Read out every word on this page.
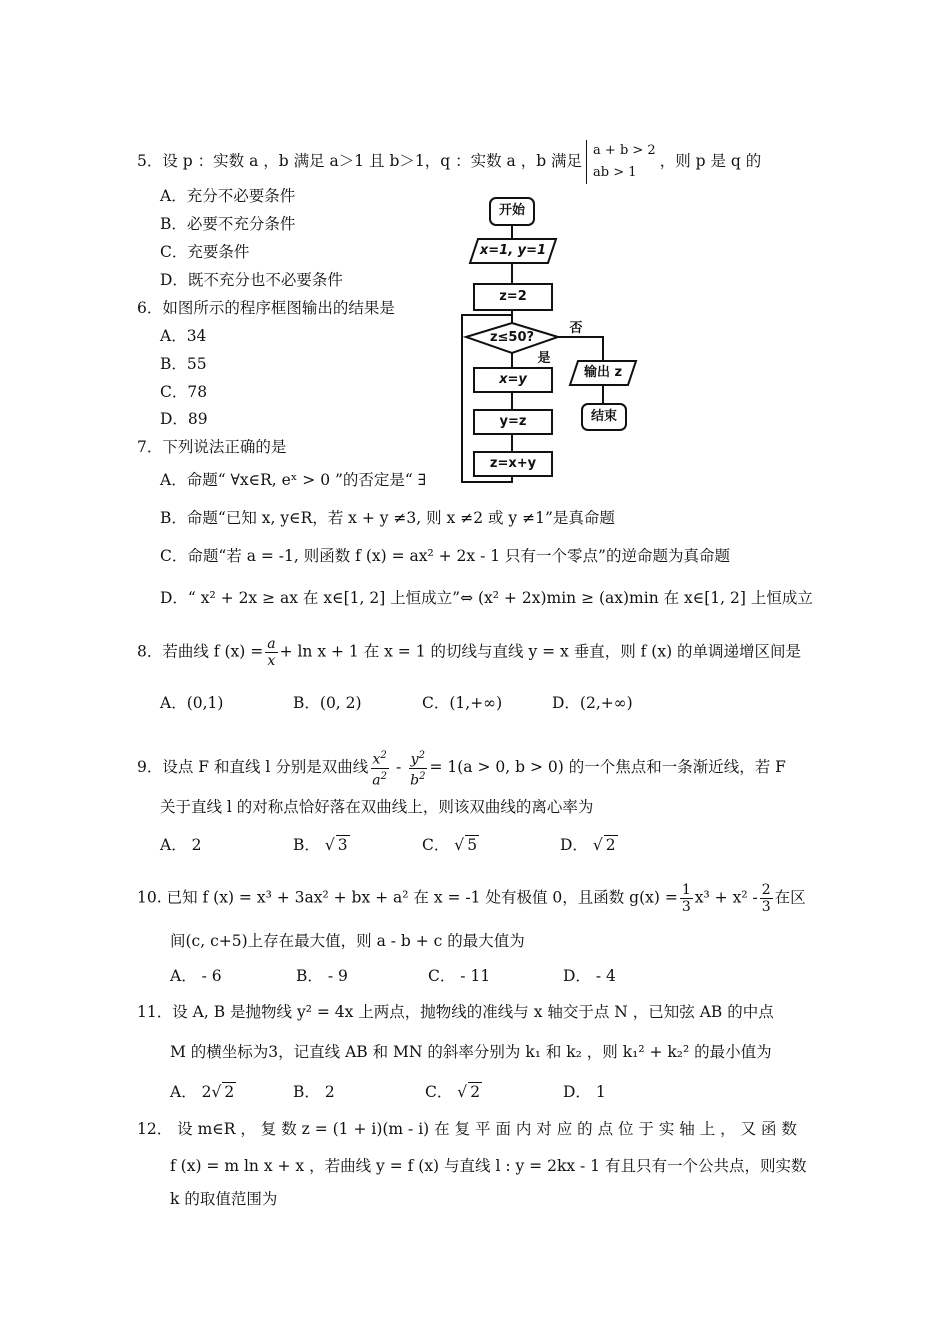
5．设 p ：实数 a ，b 满足 a＞1 且 b＞1，q ：实数 a ，b 满足a + b > 2
ab > 1，则 p 是 q 的
A．充分不必要条件
B．必要不充分条件
C．充要条件
D．既不充分也不必要条件
6．如图所示的程序框图输出的结果是
A．34
B．55
C．78
D．89
开始
x=1, y=1
z=2
z≤50?
否
是
输出 z
结束
x=y
y=z
z=x+y
7．下列说法正确的是
A．命题“ ∀x∈R, eˣ > 0 ”的否定是“ ∃
B．命题“已知 x, y∈R，若 x + y ≠3, 则 x ≠2 或 y ≠1”是真命题
C．命题“若 a = -1, 则函数 f (x) = ax² + 2x - 1 只有一个零点”的逆命题为真命题
D．“ x² + 2x ≥ ax 在 x∈[1, 2] 上恒成立”⇔ (x² + 2x)min ≥ (ax)min 在 x∈[1, 2] 上恒成立
8．若曲线 f $(x) = \frac{a}{x} + \ln x + 1$ 在 x = 1 的切线与直线 y = x 垂直，则 f (x) 的单调递增区间是
A．(0,1)	B．(0, 2)	C．(1,+∞)	D．(2,+∞)
9．设点 F 和直线 l 分别是双曲线 $\frac{x^2}{a^2} - \frac{y^2}{b^2} = 1(a > 0$, b > 0) 的一个焦点和一条渐近线，若 F
关于直线 l 的对称点恰好落在双曲线上，则该双曲线的离心率为
A． 2	B． √ 3	C． √ 5	D． √ 2
10. 已知 f (x) = x³ + 3ax² + bx + a² 在 x = -1 处有极值 0，且函数 $g(x) = \frac{1}{3} x^3 + x^2 - \frac{2}{3}$ 在区
间(c, c+5)上存在最大值，则 a - b + c 的最大值为
A． - 6	B． - 9	C． - 11	D． - 4
11．设 A, B 是抛物线 y² = 4x 上两点，抛物线的准线与 x 轴交于点 N ，已知弦 AB 的中点
M 的横坐标为3，记直线 AB 和 MN 的斜率分别为 k₁ 和 k₂ ，则 k₁² + k₂² 的最小值为
A． 2√ 2	B． 2	C． √ 2	D． 1
12． 设 m∈R ， 复 数 z = (1 + i)(m - i) 在 复 平 面 内 对 应 的 点 位 于 实 轴 上 ， 又 函 数
f (x) = m ln x + x ，若曲线 y = f (x) 与直线 l : y = 2kx - 1 有且只有一个公共点，则实数
k 的取值范围为
